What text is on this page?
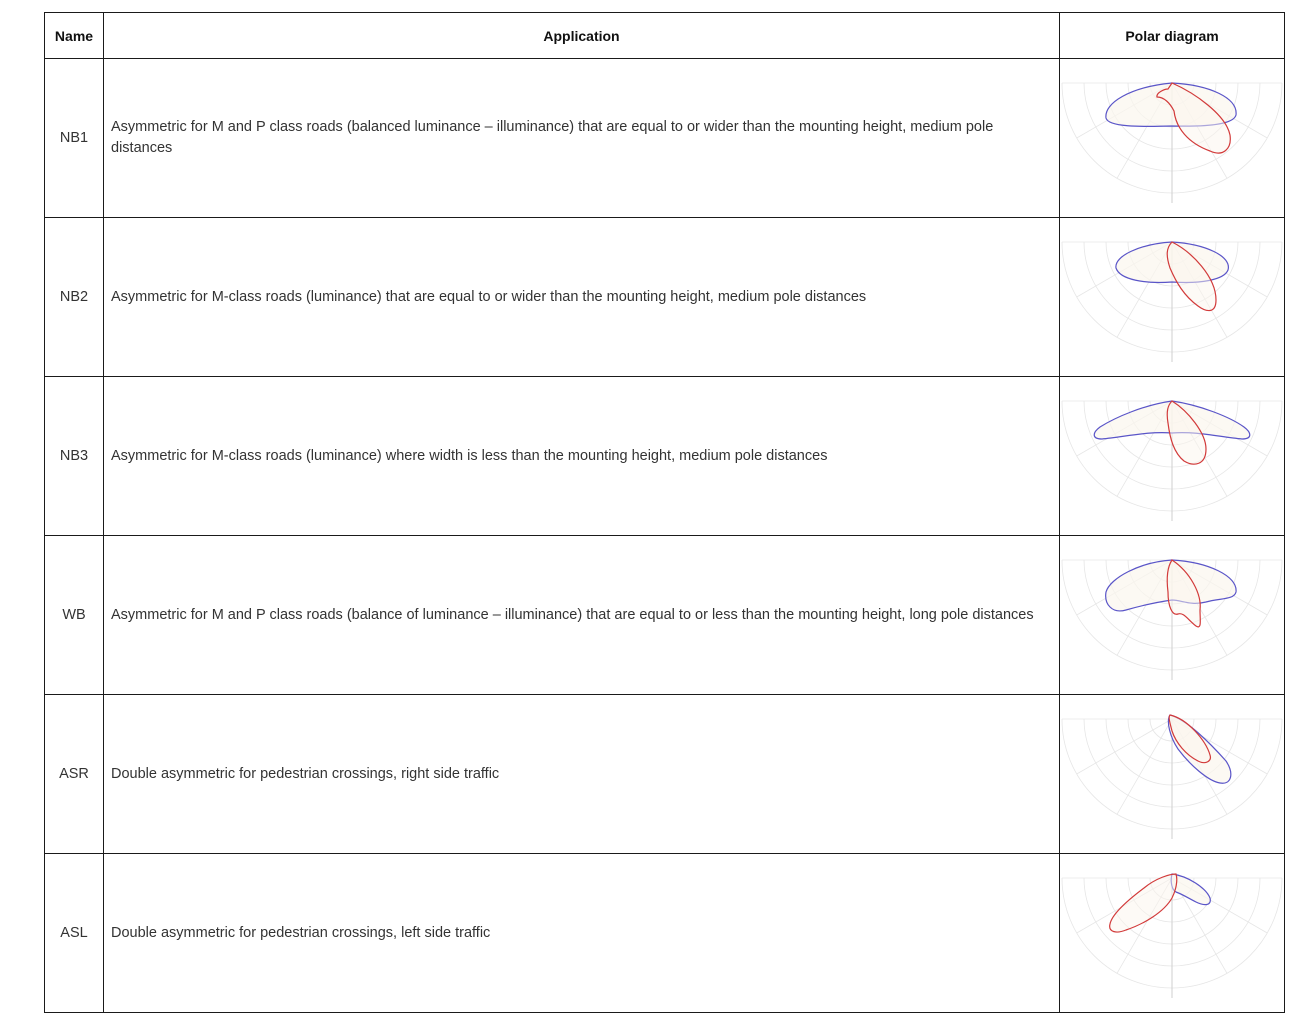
Name	Application	Polar diagram
NB1	Asymmetric for M and P class roads (balanced luminance – illuminance) that are equal to or wider than the mounting height, medium pole distances	

NB2	Asymmetric for M-class roads (luminance) that are equal to or wider than the mounting height, medium pole distances	

NB3	Asymmetric for M-class roads (luminance) where width is less than the mounting height, medium pole distances	

WB	Asymmetric for M and P class roads (balance of luminance – illuminance) that are equal to or less than the mounting height, long pole distances	

ASR	Double asymmetric for pedestrian crossings, right side traffic	

ASL	Double asymmetric for pedestrian crossings, left side traffic	
